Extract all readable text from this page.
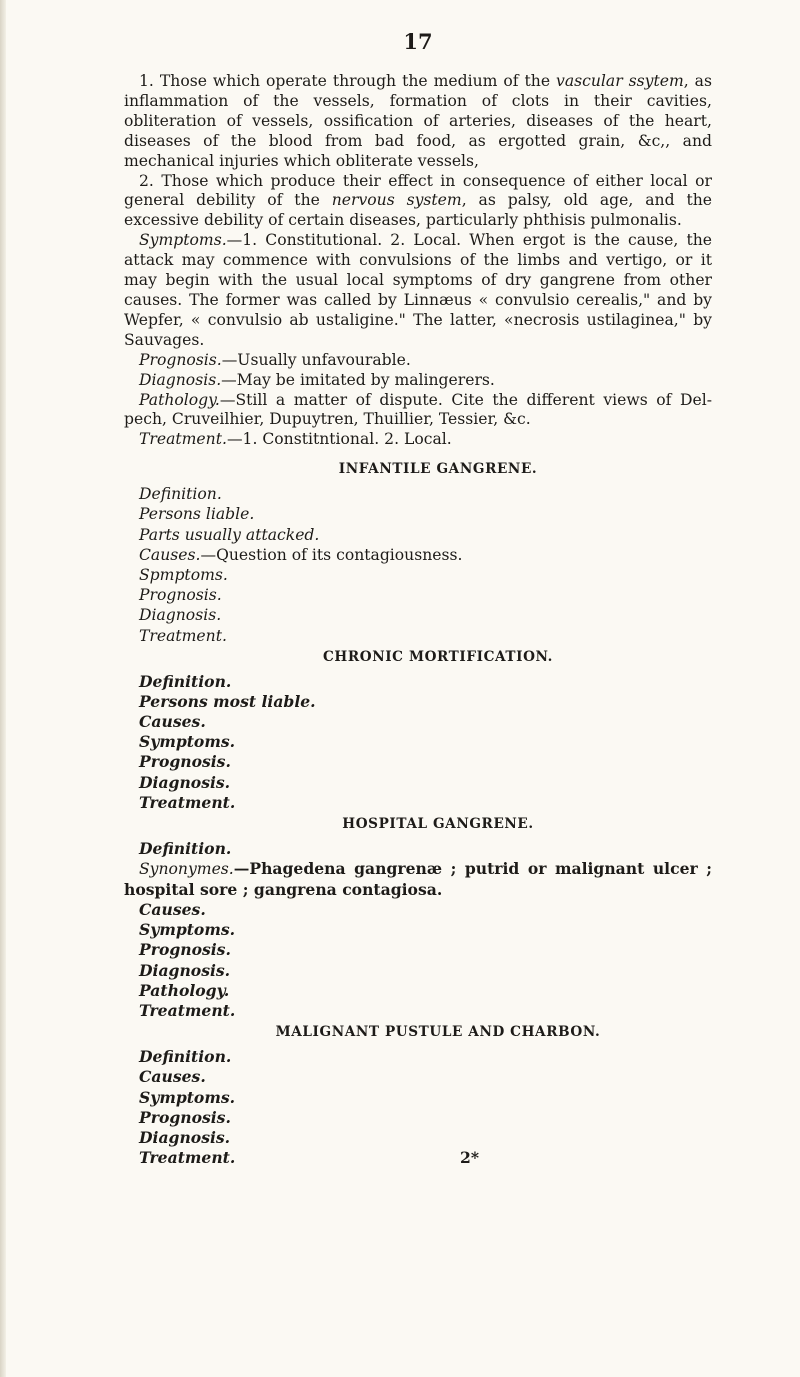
17

1. Those which operate through the medium of the vascular ssytem, as inflammation of the vessels, formation of clots in their cavities, obliteration of vessels, ossification of arteries, diseases of the heart, diseases of the blood from bad food, as ergotted grain, &c,, and mechanical injuries which obliterate vessels,

2. Those which produce their effect in consequence of either local or general debility of the nervous system, as palsy, old age, and the excessive debility of certain diseases, particularly phthisis pulmonalis.

Symptoms.—1. Constitutional. 2. Local. When ergot is the cause, the attack may commence with convulsions of the limbs and vertigo, or it may begin with the usual local symptoms of dry gangrene from other causes. The former was called by Linnæus « convulsio cerealis," and by Wepfer, « convulsio ab ustaligine." The latter, «necrosis ustilaginea," by Sauvages.

Prognosis.—Usually unfavourable.

Diagnosis.—May be imitated by malingerers.

Pathology.—Still a matter of dispute. Cite the different views of Delpech, Cruveilhier, Dupuytren, Thuillier, Tessier, &c.

Treatment.—1. Constitntional. 2. Local.

INFANTILE GANGRENE.
Definition.
Persons liable.
Parts usually attacked.
Causes.—Question of its contagiousness.
Spmptoms.
Prognosis.
Diagnosis.
Treatment.
CHRONIC MORTIFICATION.
Definition.
Persons most liable.
Causes.
Symptoms.
Prognosis.
Diagnosis.
Treatment.
HOSPITAL GANGRENE.
Definition.

Synonymes.—Phagedena gangrenæ ; putrid or malignant ulcer ; hospital sore ; gangrena contagiosa.

Causes.
Symptoms.
Prognosis.
Diagnosis.
Pathology.
Treatment.
MALIGNANT PUSTULE AND CHARBON.
Definition.
Causes.
Symptoms.
Prognosis.
Diagnosis.
Treatment.	2*
